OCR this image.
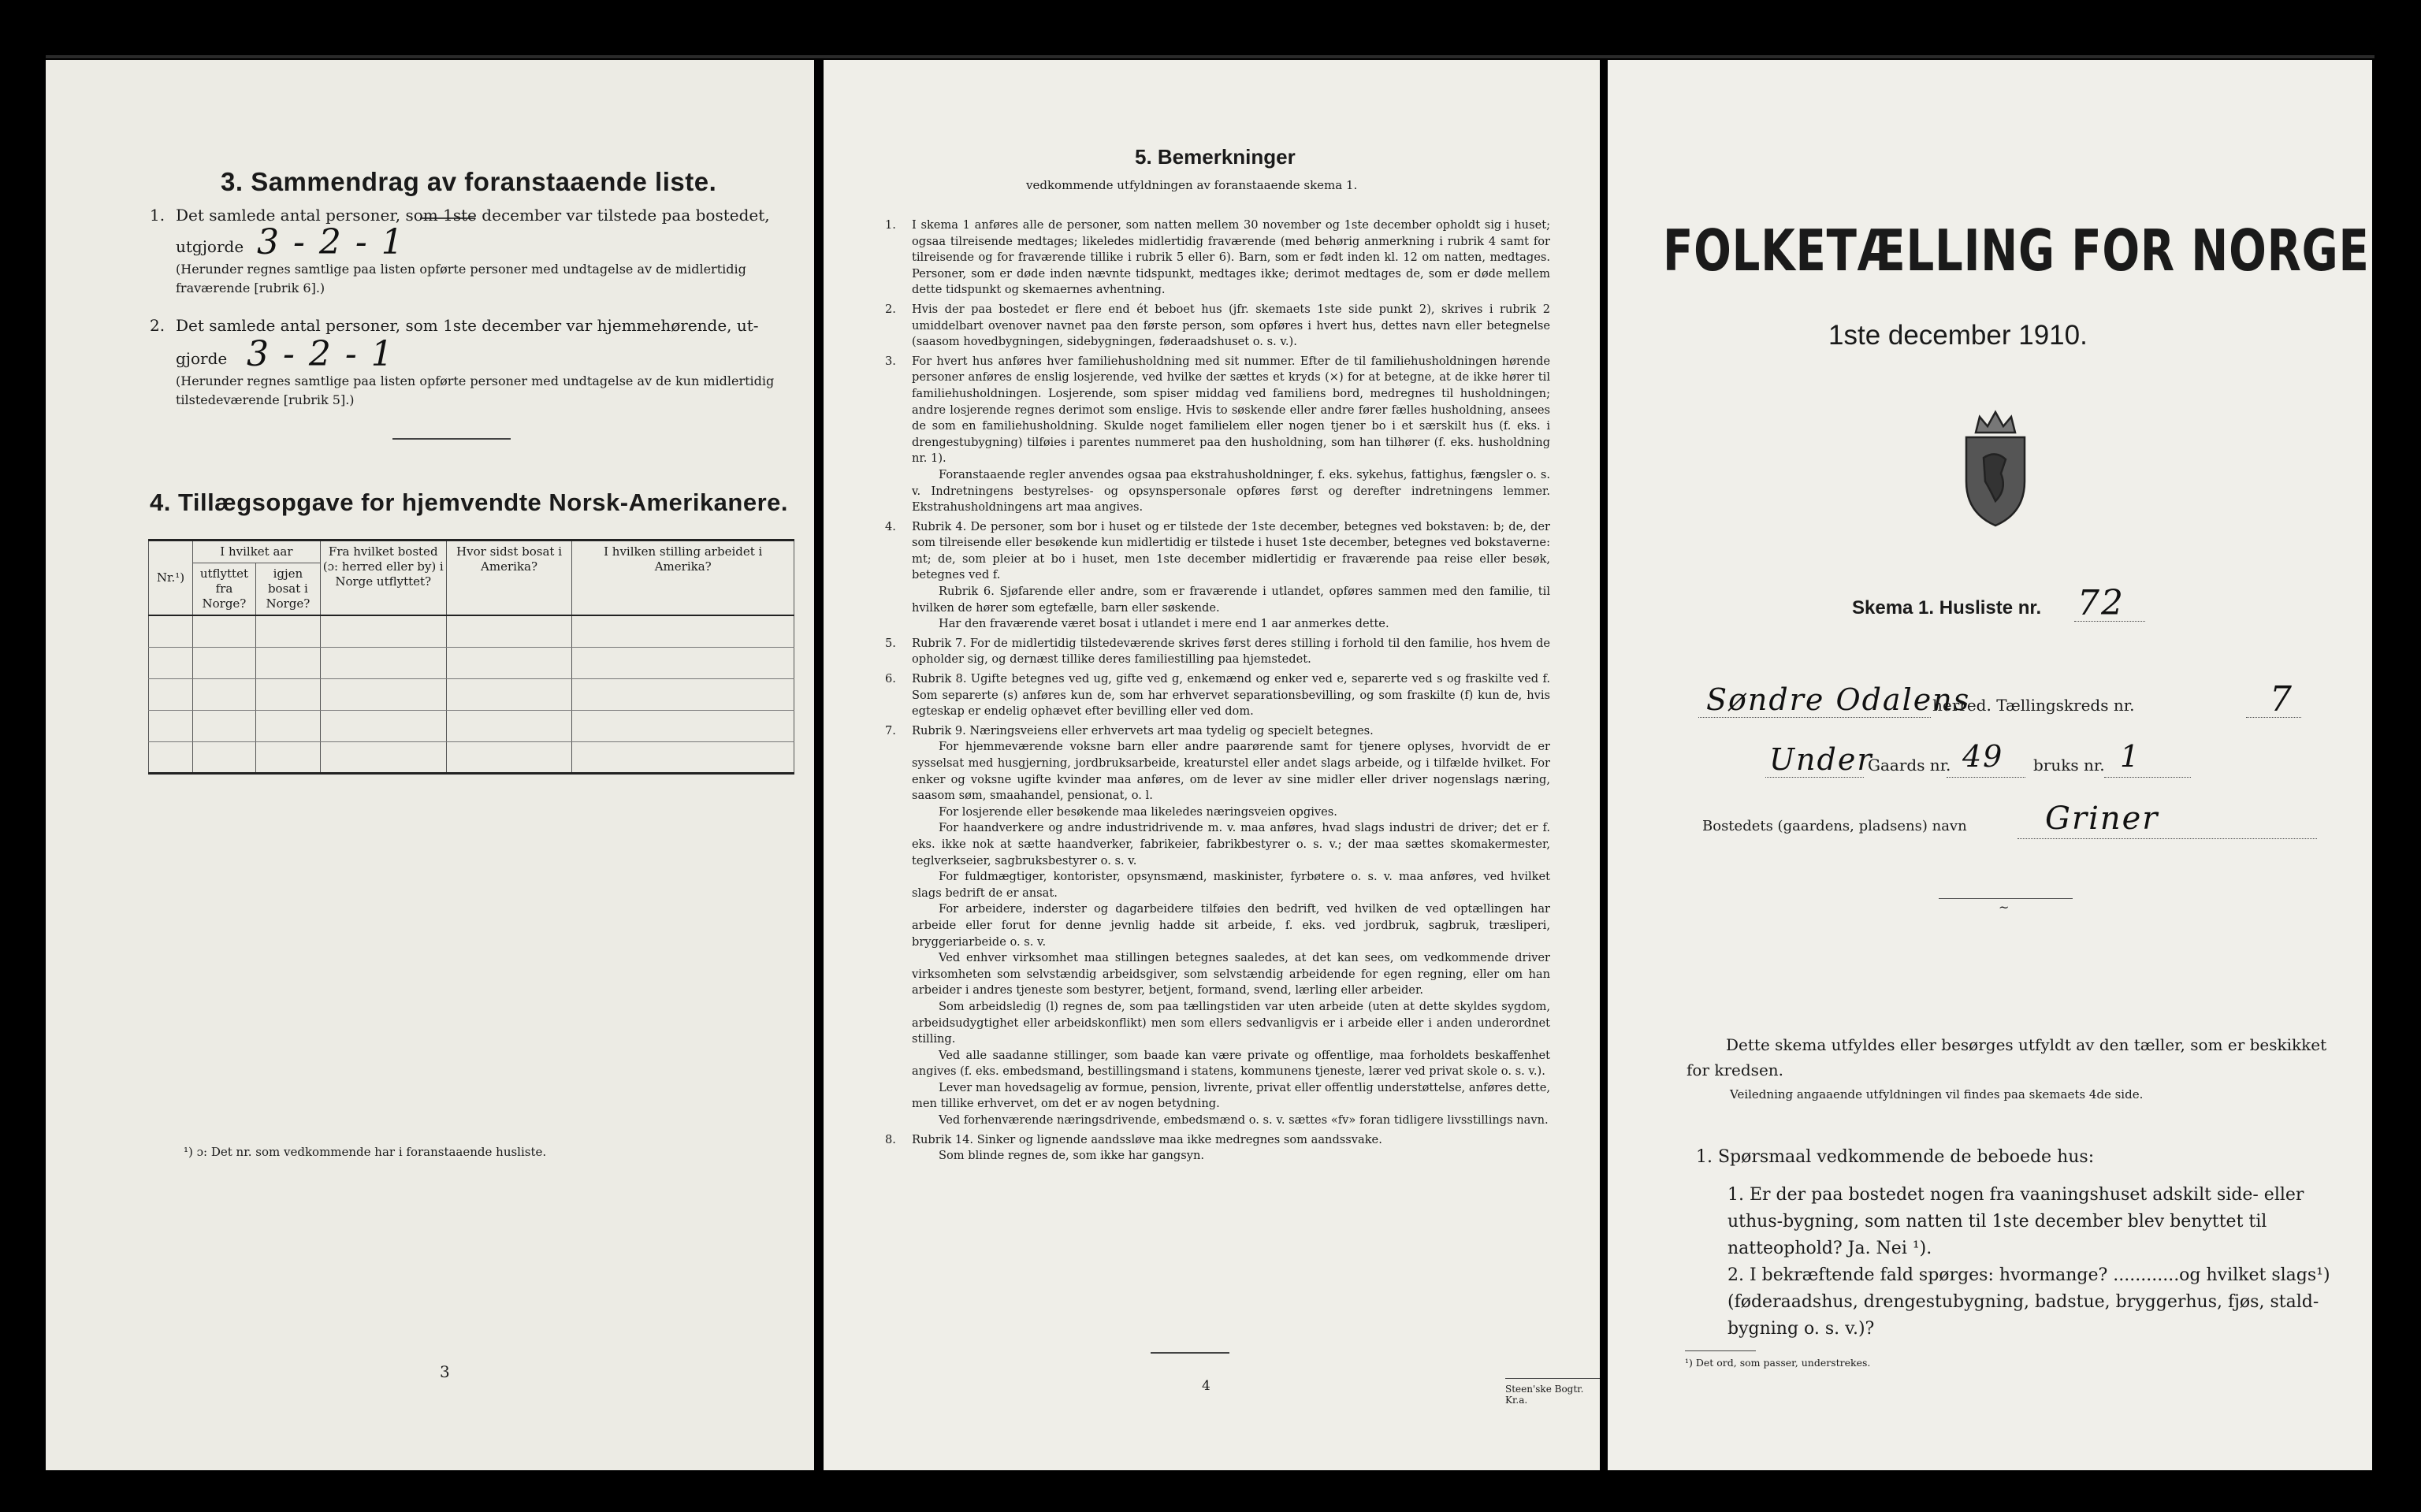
3. Sammendrag av foranstaaende liste.
1. Det samlede antal personer, som 1ste december var tilstede paa bostedet,
utgjorde 3 - 2 - 1
(Herunder regnes samtlige paa listen opførte personer med undtagelse av de midlertidig fraværende [rubrik 6].)
2. Det samlede antal personer, som 1ste december var hjemmehørende, ut-
gjorde 3 - 2 - 1
(Herunder regnes samtlige paa listen opførte personer med undtagelse av de kun midlertidig tilstedeværende [rubrik 5].)
4. Tillægsopgave for hjemvendte Norsk-Amerikanere.
Nr.¹)	I hvilket aar		Fra hvilket bosted (ɔ: herred eller by) i Norge utflyttet?	Hvor sidst bosat i Amerika?	I hvilken stilling arbeidet i Amerika?
	utflyttet fra Norge?	igjen bosat i Norge?			

¹) ɔ: Det nr. som vedkommende har i foranstaaende husliste.
3
5. Bemerkninger
vedkommende utfyldningen av foranstaaende skema 1.
1. I skema 1 anføres alle de personer, som natten mellem 30 november og 1ste december opholdt sig i huset; ogsaa tilreisende medtages; likeledes midlertidig fraværende (med behørig anmerkning i rubrik 4 samt for tilreisende og for fraværende tillike i rubrik 5 eller 6). Barn, som er født inden kl. 12 om natten, medtages. Personer, som er døde inden nævnte tidspunkt, medtages ikke; derimot medtages de, som er døde mellem dette tidspunkt og skemaernes avhentning.

2. Hvis der paa bostedet er flere end ét beboet hus (jfr. skemaets 1ste side punkt 2), skrives i rubrik 2 umiddelbart ovenover navnet paa den første person, som opføres i hvert hus, dettes navn eller betegnelse (saasom hovedbygningen, sidebygningen, føderaadshuset o. s. v.).

3. For hvert hus anføres hver familiehusholdning med sit nummer. Efter de til familiehusholdningen hørende personer anføres de enslig losjerende, ved hvilke der sættes et kryds (×) for at betegne, at de ikke hører til familiehusholdningen. Losjerende, som spiser middag ved familiens bord, medregnes til husholdningen; andre losjerende regnes derimot som enslige. Hvis to søskende eller andre fører fælles husholdning, ansees de som en familiehusholdning. Skulde noget familielem eller nogen tjener bo i et særskilt hus (f. eks. i drengestubygning) tilføies i parentes nummeret paa den husholdning, som han tilhører (f. eks. husholdning nr. 1).

Foranstaaende regler anvendes ogsaa paa ekstrahusholdninger, f. eks. sykehus, fattighus, fængsler o. s. v. Indretningens bestyrelses- og opsynspersonale opføres først og derefter indretningens lemmer. Ekstrahusholdningens art maa angives.

4. Rubrik 4. De personer, som bor i huset og er tilstede der 1ste december, betegnes ved bokstaven: b; de, der som tilreisende eller besøkende kun midlertidig er tilstede i huset 1ste december, betegnes ved bokstaverne: mt; de, som pleier at bo i huset, men 1ste december midlertidig er fraværende paa reise eller besøk, betegnes ved f.

Rubrik 6. Sjøfarende eller andre, som er fraværende i utlandet, opføres sammen med den familie, til hvilken de hører som egtefælle, barn eller søskende.

Har den fraværende været bosat i utlandet i mere end 1 aar anmerkes dette.

5. Rubrik 7. For de midlertidig tilstedeværende skrives først deres stilling i forhold til den familie, hos hvem de opholder sig, og dernæst tillike deres familiestilling paa hjemstedet.

6. Rubrik 8. Ugifte betegnes ved ug, gifte ved g, enkemænd og enker ved e, separerte ved s og fraskilte ved f. Som separerte (s) anføres kun de, som har erhvervet separationsbevilling, og som fraskilte (f) kun de, hvis egteskap er endelig ophævet efter bevilling eller ved dom.

7. Rubrik 9. Næringsveiens eller erhvervets art maa tydelig og specielt betegnes.

For hjemmeværende voksne barn eller andre paarørende samt for tjenere oplyses, hvorvidt de er sysselsat med husgjerning, jordbruksarbeide, kreaturstel eller andet slags arbeide, og i tilfælde hvilket. For enker og voksne ugifte kvinder maa anføres, om de lever av sine midler eller driver nogenslags næring, saasom søm, smaahandel, pensionat, o. l.

For losjerende eller besøkende maa likeledes næringsveien opgives.

For haandverkere og andre industridrivende m. v. maa anføres, hvad slags industri de driver; det er f. eks. ikke nok at sætte haandverker, fabrikeier, fabrikbestyrer o. s. v.; der maa sættes skomakermester, teglverkseier, sagbruksbestyrer o. s. v.

For fuldmægtiger, kontorister, opsynsmænd, maskinister, fyrbøtere o. s. v. maa anføres, ved hvilket slags bedrift de er ansat.

For arbeidere, inderster og dagarbeidere tilføies den bedrift, ved hvilken de ved optællingen har arbeide eller forut for denne jevnlig hadde sit arbeide, f. eks. ved jordbruk, sagbruk, træsliperi, bryggeriarbeide o. s. v.

Ved enhver virksomhet maa stillingen betegnes saaledes, at det kan sees, om vedkommende driver virksomheten som selvstændig arbeidsgiver, som selvstændig arbeidende for egen regning, eller om han arbeider i andres tjeneste som bestyrer, betjent, formand, svend, lærling eller arbeider.

Som arbeidsledig (l) regnes de, som paa tællingstiden var uten arbeide (uten at dette skyldes sygdom, arbeidsudygtighet eller arbeidskonflikt) men som ellers sedvanligvis er i arbeide eller i anden underordnet stilling.

Ved alle saadanne stillinger, som baade kan være private og offentlige, maa forholdets beskaffenhet angives (f. eks. embedsmand, bestillingsmand i statens, kommunens tjeneste, lærer ved privat skole o. s. v.).

Lever man hovedsagelig av formue, pension, livrente, privat eller offentlig understøttelse, anføres dette, men tillike erhvervet, om det er av nogen betydning.

Ved forhenværende næringsdrivende, embedsmænd o. s. v. sættes «fv» foran tidligere livsstillings navn.

8. Rubrik 14. Sinker og lignende aandssløve maa ikke medregnes som aandssvake.

Som blinde regnes de, som ikke har gangsyn.

4	Steen'ske Bogtr. Kr.a.
FOLKETÆLLING FOR NORGE
1ste december 1910.
Skema 1. Husliste nr. 72
Søndre Odalens
herred. Tællingskreds nr.	7
Under
Gaards nr. 49 bruks nr. 1
Bostedets (gaardens, pladsens) navn Griner
~
Dette skema utfyldes eller besørges utfyldt av den tæller, som er beskikket for kredsen.
Veiledning angaaende utfyldningen vil findes paa skemaets 4de side.
1. Spørsmaal vedkommende de beboede hus:
1. Er der paa bostedet nogen fra vaaningshuset adskilt side- eller uthus-bygning, som natten til 1ste december blev benyttet til natteophold? Ja. Nei ¹).
2. I bekræftende fald spørges: hvormange? ............og hvilket slags¹) (føderaadshus, drengestubygning, badstue, bryggerhus, fjøs, stald-bygning o. s. v.)?
¹) Det ord, som passer, understrekes.
